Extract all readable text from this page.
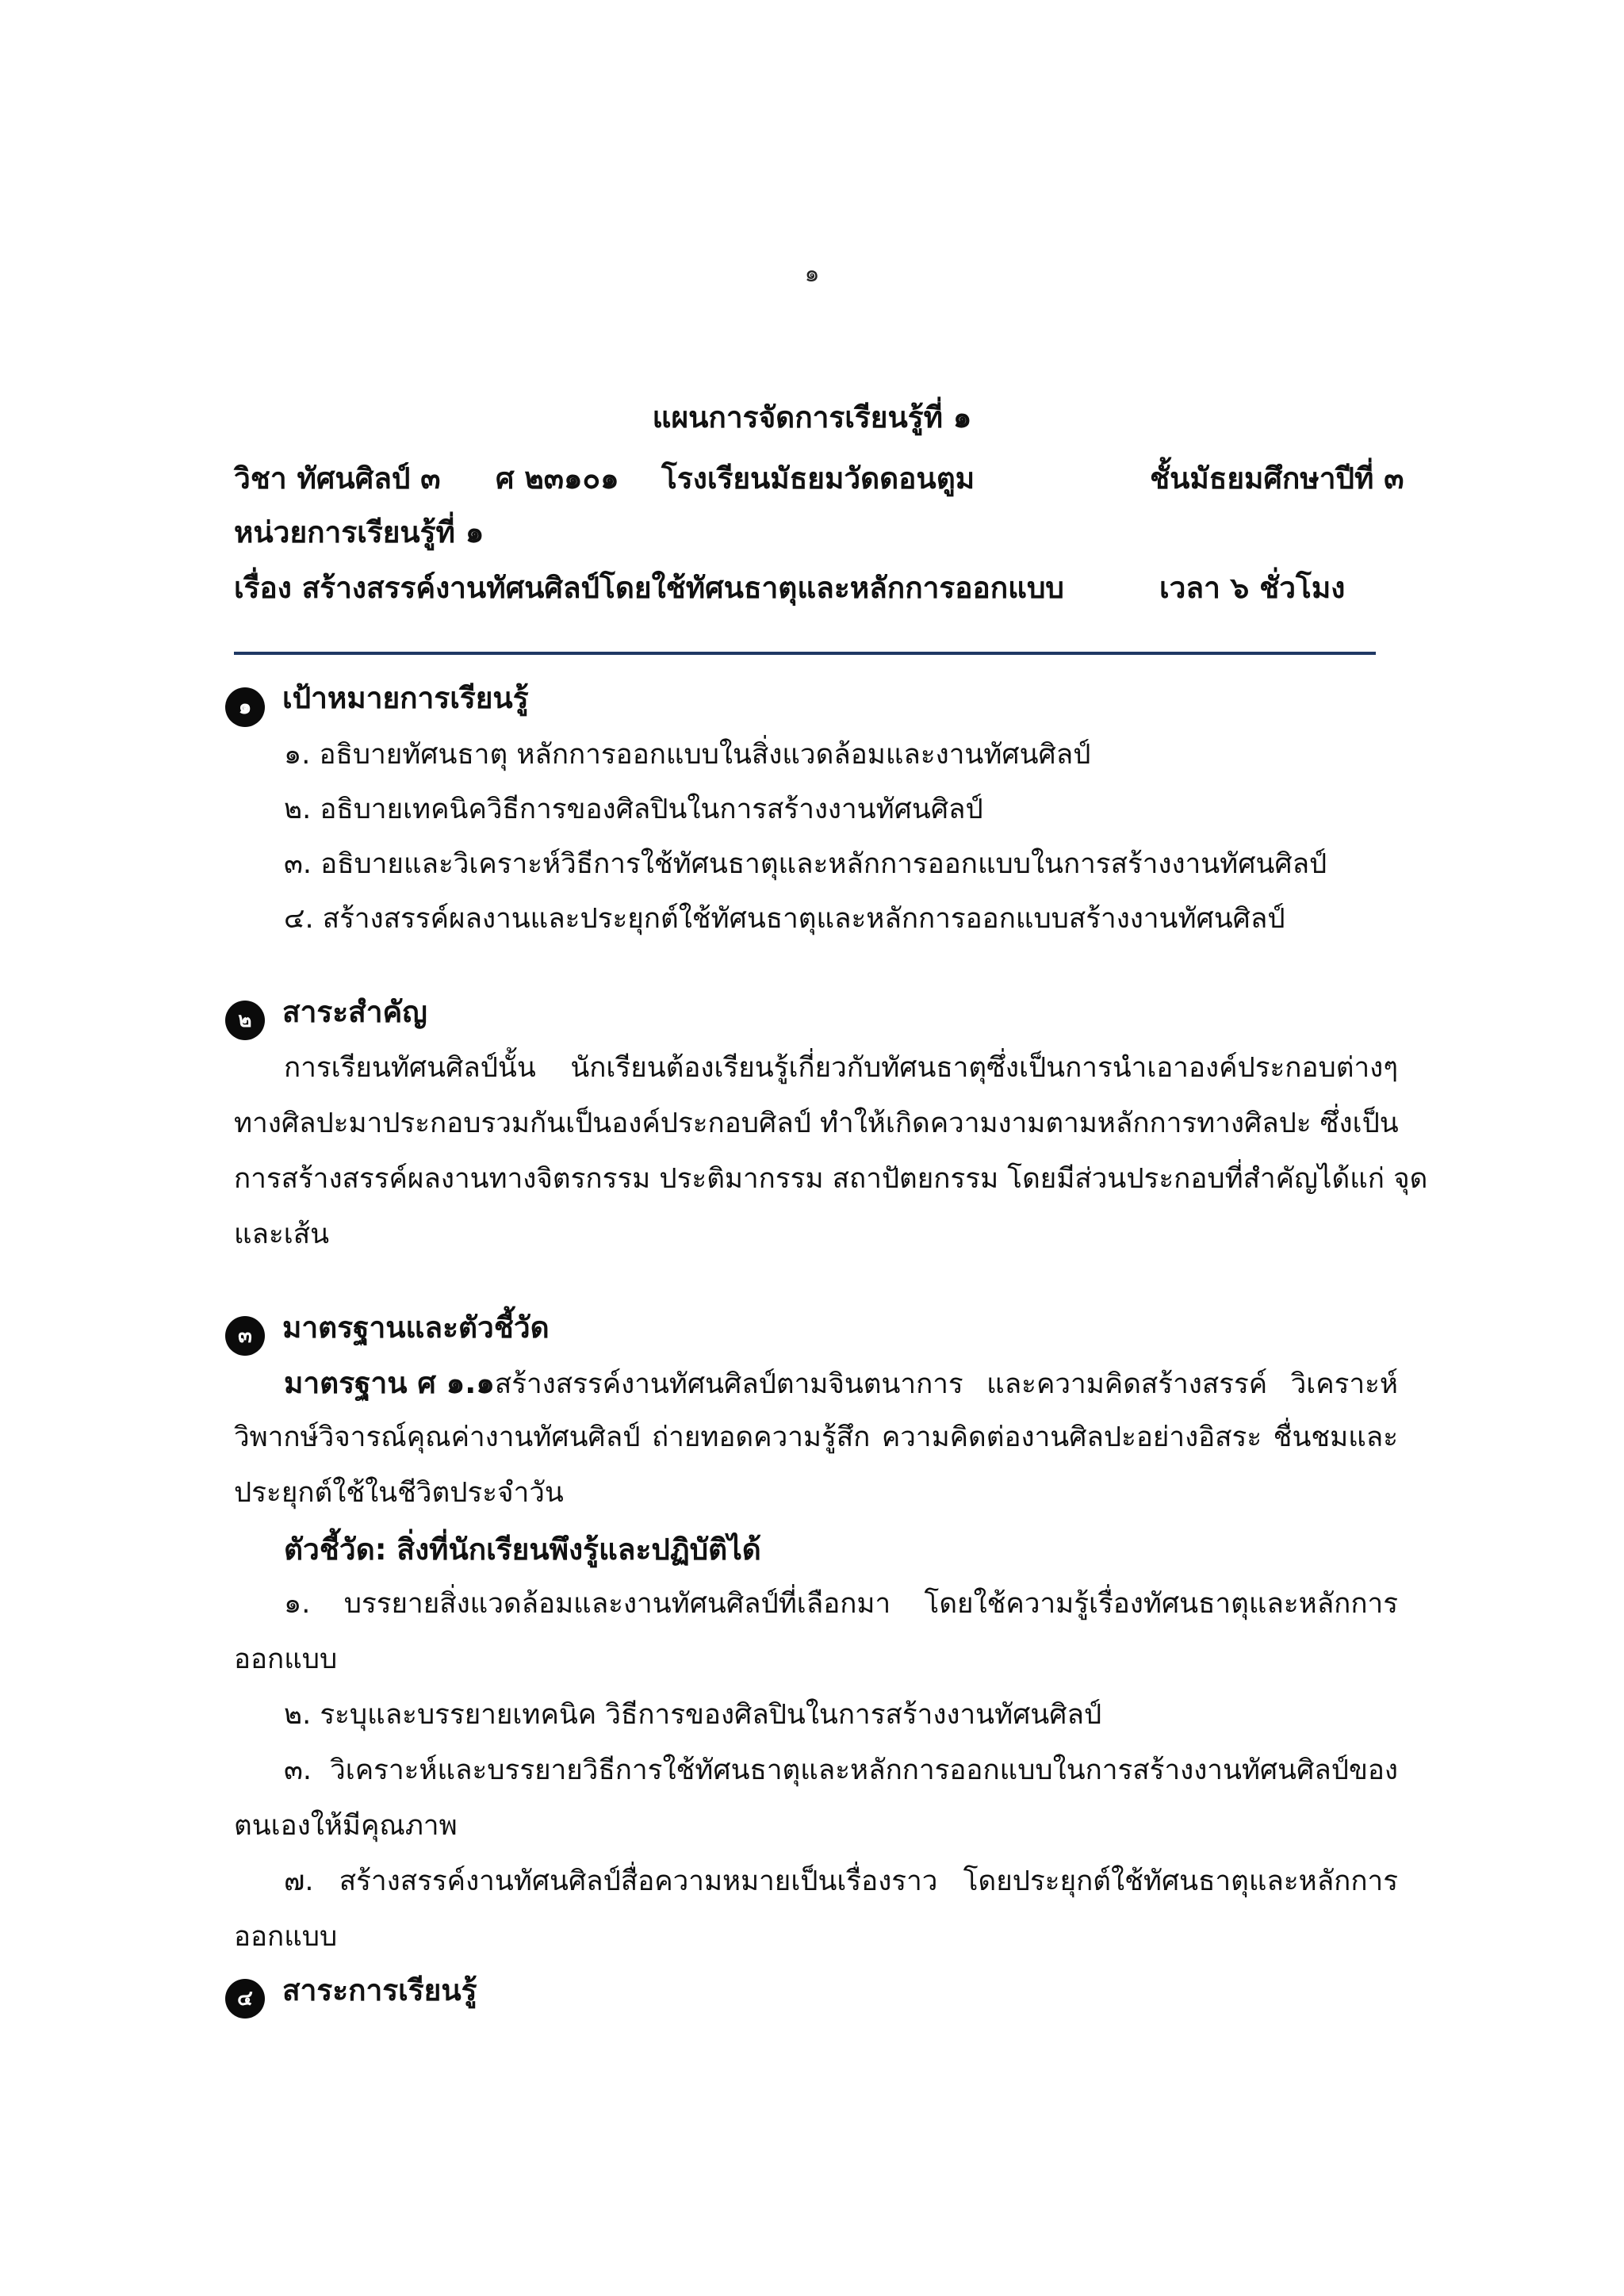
๑
แผนการจัดการเรียนรู้ที่ ๑
วิชา ทัศนศิลป์ ๓ ศ ๒๓๑๐๑ โรงเรียนมัธยมวัดดอนตูม	ชั้นมัธยมศึกษาปีที่ ๓
หน่วยการเรียนรู้ที่ ๑
เรื่อง สร้างสรรค์งานทัศนศิลป์โดยใช้ทัศนธาตุและหลักการออกแบบ	เวลา ๖ ชั่วโมง
๑	เป้าหมายการเรียนรู้
๑. อธิบายทัศนธาตุ หลักการออกแบบในสิ่งแวดล้อมและงานทัศนศิลป์
๒. อธิบายเทคนิควิธีการของศิลปินในการสร้างงานทัศนศิลป์
๓. อธิบายและวิเคราะห์วิธีการใช้ทัศนธาตุและหลักการออกแบบในการสร้างงานทัศนศิลป์
๔. สร้างสรรค์ผลงานและประยุกต์ใช้ทัศนธาตุและหลักการออกแบบสร้างงานทัศนศิลป์
๒	สาระสำคัญ
การเรียนทัศนศิลป์นั้น นักเรียนต้องเรียนรู้เกี่ยวกับทัศนธาตุซึ่งเป็นการนำเอาองค์ประกอบต่างๆ
ทางศิลปะมาประกอบรวมกันเป็นองค์ประกอบศิลป์ ทำให้เกิดความงามตามหลักการทางศิลปะ ซึ่งเป็น
การสร้างสรรค์ผลงานทางจิตรกรรม ประติมากรรม สถาปัตยกรรม โดยมีส่วนประกอบที่สำคัญได้แก่ จุด
และเส้น
๓	มาตรฐานและตัวชี้วัด
มาตรฐาน ศ ๑.๑ สร้างสรรค์งานทัศนศิลป์ตามจินตนาการ และความคิดสร้างสรรค์ วิเคราะห์
วิพากษ์วิจารณ์คุณค่างานทัศนศิลป์ ถ่ายทอดความรู้สึก ความคิดต่องานศิลปะอย่างอิสระ ชื่นชมและ
ประยุกต์ใช้ในชีวิตประจำวัน
ตัวชี้วัด: สิ่งที่นักเรียนพึงรู้และปฏิบัติได้
๑. บรรยายสิ่งแวดล้อมและงานทัศนศิลป์ที่เลือกมา โดยใช้ความรู้เรื่องทัศนธาตุและหลักการ
ออกแบบ
๒. ระบุและบรรยายเทคนิค วิธีการของศิลปินในการสร้างงานทัศนศิลป์
๓. วิเคราะห์และบรรยายวิธีการใช้ทัศนธาตุและหลักการออกแบบในการสร้างงานทัศนศิลป์ของ
ตนเองให้มีคุณภาพ
๗. สร้างสรรค์งานทัศนศิลป์สื่อความหมายเป็นเรื่องราว โดยประยุกต์ใช้ทัศนธาตุและหลักการ
ออกแบบ
๔	สาระการเรียนรู้
